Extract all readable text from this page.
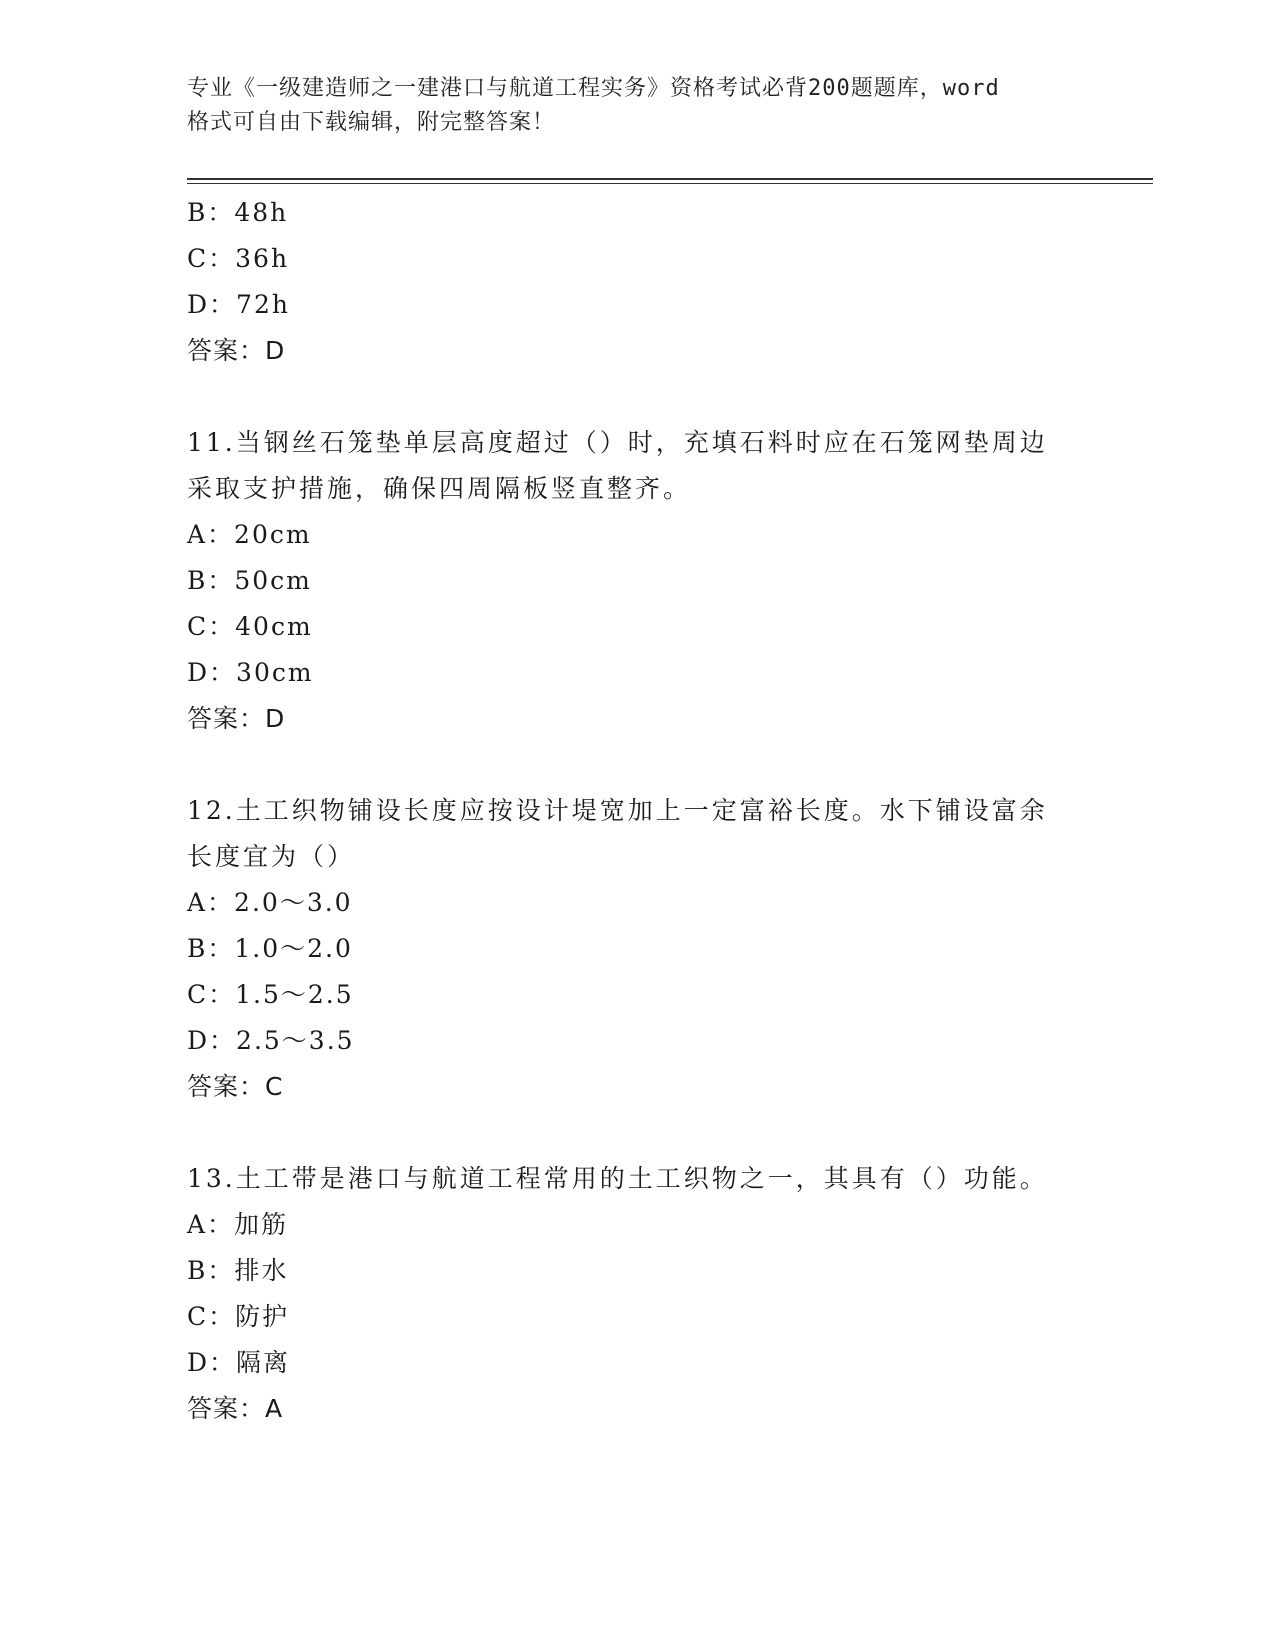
专业《一级建造师之一建港口与航道工程实务》资格考试必背200题题库，word
格式可自由下载编辑，附完整答案！
B：48h
C：36h
D：72h
答案：D
11.当钢丝石笼垫单层高度超过（）时，充填石料时应在石笼网垫周边
采取支护措施，确保四周隔板竖直整齐。
A：20cm
B：50cm
C：40cm
D：30cm
答案：D
12.土工织物铺设长度应按设计堤宽加上一定富裕长度。水下铺设富余
长度宜为（）
A：2.0～3.0
B：1.0～2.0
C：1.5～2.5
D：2.5～3.5
答案：C
13.土工带是港口与航道工程常用的土工织物之一，其具有（）功能。
A：加筋
B：排水
C：防护
D：隔离
答案：A
